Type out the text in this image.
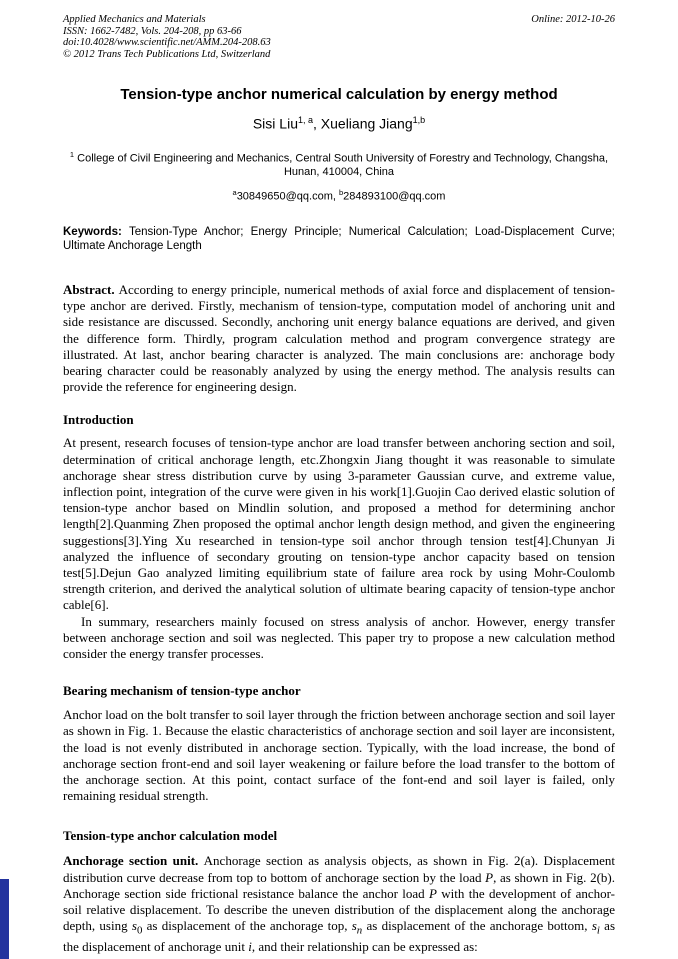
Applied Mechanics and Materials
ISSN: 1662-7482, Vols. 204-208, pp 63-66
doi:10.4028/www.scientific.net/AMM.204-208.63
© 2012 Trans Tech Publications Ltd, Switzerland
Online: 2012-10-26
Tension-type anchor numerical calculation by energy method
Sisi Liu$^{1, a}$, Xueliang Jiang$^{1,b}$
$^1$ College of Civil Engineering and Mechanics, Central South University of Forestry and Technology, Changsha, Hunan, 410004, China
$^a$30849650@qq.com, $^b$284893100@qq.com

Keywords: Tension-Type Anchor; Energy Principle; Numerical Calculation; Load-Displacement Curve; Ultimate Anchorage Length

Abstract. According to energy principle, numerical methods of axial force and displacement of tension-type anchor are derived. Firstly, mechanism of tension-type, computation model of anchoring unit and side resistance are discussed. Secondly, anchoring unit energy balance equations are derived, and given the difference form. Thirdly, program calculation method and program convergence strategy are illustrated. At last, anchor bearing character is analyzed. The main conclusions are: anchorage body bearing character could be reasonably analyzed by using the energy method. The analysis results can provide the reference for engineering design.

Introduction

At present, research focuses of tension-type anchor are load transfer between anchoring section and soil, determination of critical anchorage length, etc.Zhongxin Jiang thought it was reasonable to simulate anchorage shear stress distribution curve by using 3-parameter Gaussian curve, and extreme value, inflection point, integration of the curve were given in his work[1].Guojin Cao derived elastic solution of tension-type anchor based on Mindlin solution, and proposed a method for determining anchor length[2].Quanming Zhen proposed the optimal anchor length design method, and given the engineering suggestions[3].Ying Xu researched in tension-type soil anchor through tension test[4].Chunyan Ji analyzed the influence of secondary grouting on tension-type anchor capacity based on tension test[5].Dejun Gao analyzed limiting equilibrium state of failure area rock by using Mohr-Coulomb strength criterion, and derived the analytical solution of ultimate bearing capacity of tension-type anchor cable[6].

In summary, researchers mainly focused on stress analysis of anchor. However, energy transfer between anchorage section and soil was neglected. This paper try to propose a new calculation method consider the energy transfer processes.

Bearing mechanism of tension-type anchor

Anchor load on the bolt transfer to soil layer through the friction between anchorage section and soil layer as shown in Fig. 1. Because the elastic characteristics of anchorage section and soil layer are inconsistent, the load is not evenly distributed in anchorage section. Typically, with the load increase, the bond of anchorage section front-end and soil layer weakening or failure before the load transfer to the bottom of the anchorage section. At this point, contact surface of the font-end and soil layer is failed, only remaining residual strength.

Tension-type anchor calculation model

Anchorage section unit. Anchorage section as analysis objects, as shown in Fig. 2(a). Displacement distribution curve decrease from top to bottom of anchorage section by the load P, as shown in Fig. 2(b). Anchorage section side frictional resistance balance the anchor load P with the development of anchor-soil relative displacement. To describe the uneven distribution of the displacement along the anchorage depth, using $s_0$ as displacement of the anchorage top, $s_n$ as displacement of the anchorage bottom, $s_i$ as the displacement of anchorage unit i, and their relationship can be expressed as:
